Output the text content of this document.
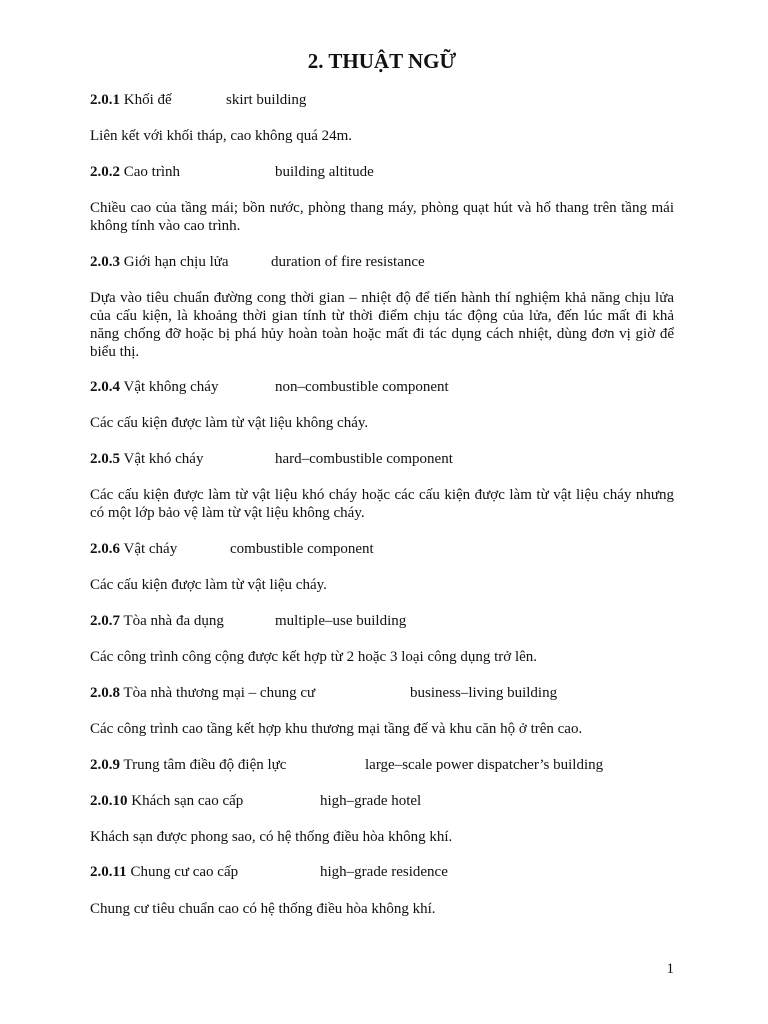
2. THUẬT NGỮ
2.0.1 Khối đế	skirt building
Liên kết với khối tháp, cao không quá 24m.
2.0.2 Cao trình	building altitude
Chiều cao của tầng mái; bồn nước, phòng thang máy, phòng quạt hút và hố thang trên tầng mái không tính vào cao trình.
2.0.3 Giới hạn chịu lửa	duration of fire resistance
Dựa vào tiêu chuẩn đường cong thời gian – nhiệt độ để tiến hành thí nghiệm khả năng chịu lửa của cấu kiện, là khoảng thời gian tính từ thời điểm chịu tác động của lửa, đến lúc mất đi khả năng chống đỡ hoặc bị phá hủy hoàn toàn hoặc mất đi tác dụng cách nhiệt, dùng đơn vị giờ để biểu thị.
2.0.4 Vật không cháy	non–combustible component
Các cấu kiện được làm từ vật liệu không cháy.
2.0.5 Vật khó cháy	hard–combustible component
Các cấu kiện được làm từ vật liệu khó cháy hoặc các cấu kiện được làm từ vật liệu cháy nhưng có một lớp bảo vệ làm từ vật liệu không cháy.
2.0.6 Vật cháy	combustible component
Các cấu kiện được làm từ vật liệu cháy.
2.0.7 Tòa nhà đa dụng	multiple–use building
Các công trình công cộng được kết hợp từ 2 hoặc 3 loại công dụng trở lên.
2.0.8 Tòa nhà thương mại – chung cư	business–living building
Các công trình cao tầng kết hợp khu thương mại tầng đế và khu căn hộ ở trên cao.
2.0.9 Trung tâm điều độ điện lực	large–scale power dispatcher’s building
2.0.10 Khách sạn cao cấp	high–grade hotel
Khách sạn được phong sao, có hệ thống điều hòa không khí.
2.0.11 Chung cư cao cấp	high–grade residence
Chung cư tiêu chuẩn cao có hệ thống điều hòa không khí.
1
